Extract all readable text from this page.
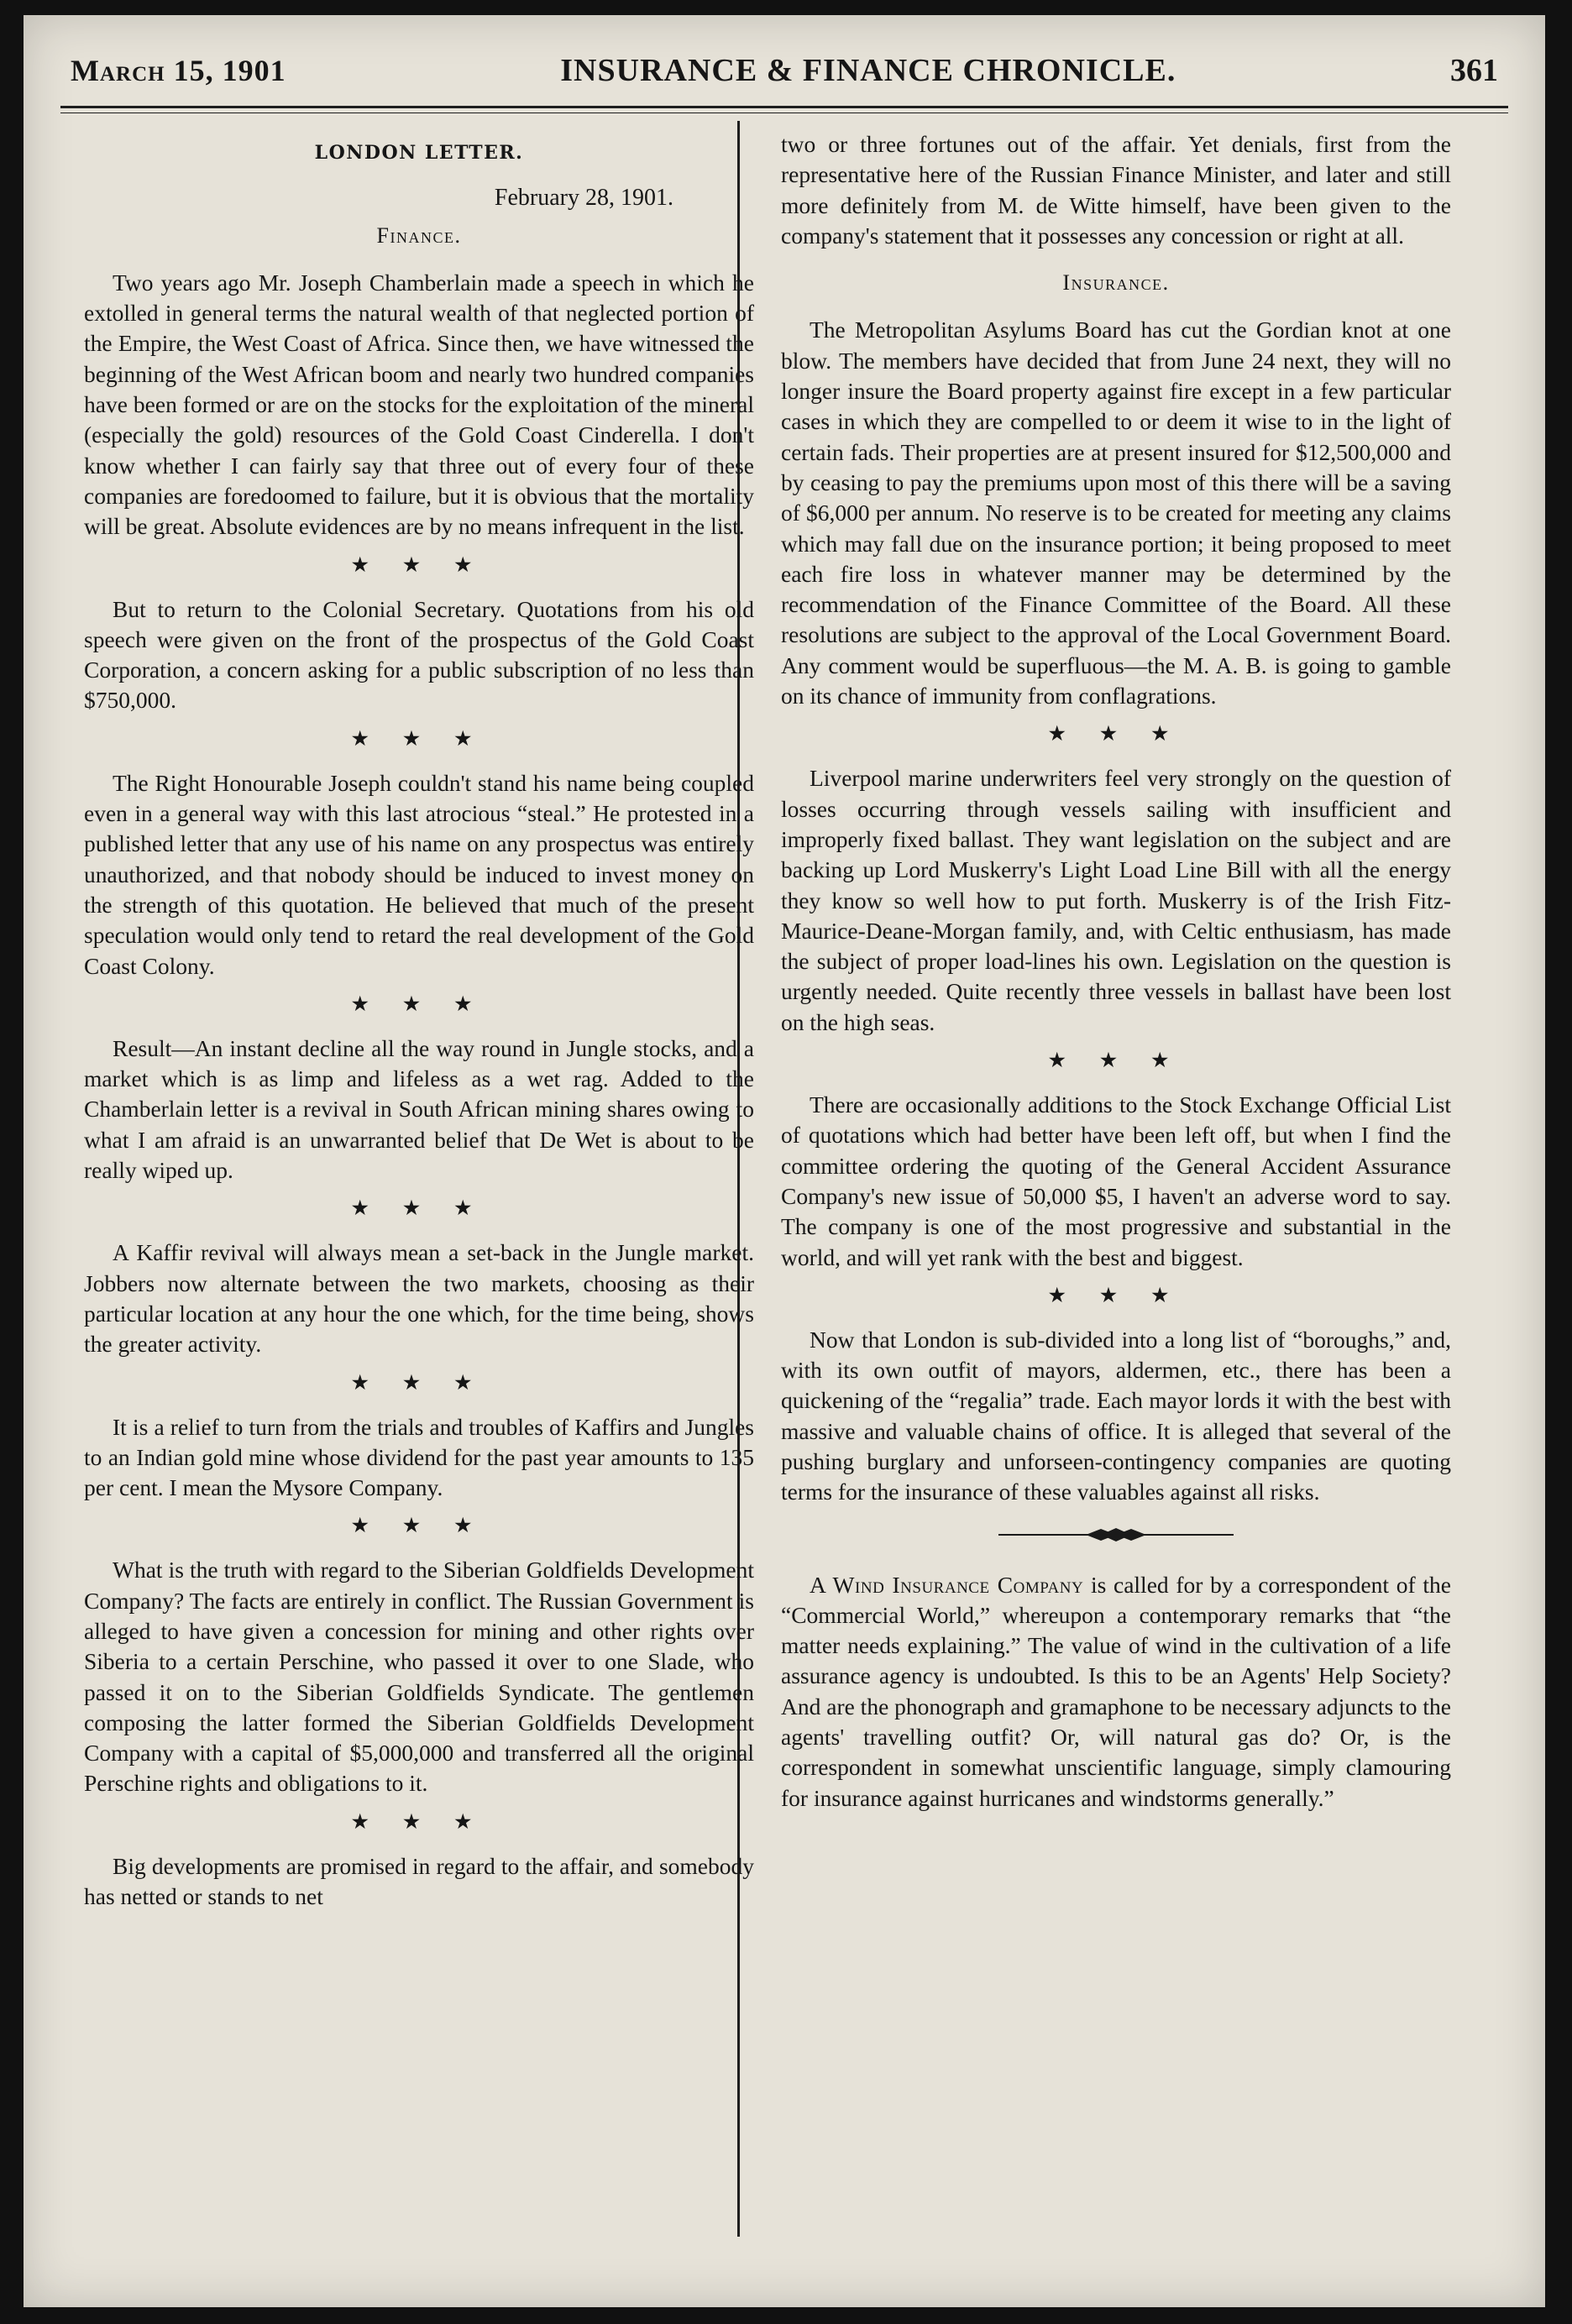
March 15, 1901	INSURANCE & FINANCE CHRONICLE.	361
LONDON LETTER.
February 28, 1901.
Finance.

Two years ago Mr. Joseph Chamberlain made a speech in which he extolled in general terms the natural wealth of that neglected portion of the Empire, the West Coast of Africa. Since then, we have witnessed the beginning of the West African boom and nearly two hundred companies have been formed or are on the stocks for the exploitation of the mineral (especially the gold) resources of the Gold Coast Cinderella. I don't know whether I can fairly say that three out of every four of these companies are foredoomed to failure, but it is obvious that the mortality will be great. Absolute evidences are by no means infrequent in the list.

★ ★ ★

But to return to the Colonial Secretary. Quotations from his old speech were given on the front of the prospectus of the Gold Coast Corporation, a concern asking for a public subscription of no less than $750,000.

★ ★ ★

The Right Honourable Joseph couldn't stand his name being coupled even in a general way with this last atrocious “steal.” He protested in a published letter that any use of his name on any prospectus was entirely unauthorized, and that nobody should be induced to invest money on the strength of this quotation. He believed that much of the present speculation would only tend to retard the real development of the Gold Coast Colony.

★ ★ ★

Result—An instant decline all the way round in Jungle stocks, and a market which is as limp and lifeless as a wet rag. Added to the Chamberlain letter is a revival in South African mining shares owing to what I am afraid is an unwarranted belief that De Wet is about to be really wiped up.

★ ★ ★

A Kaffir revival will always mean a set-back in the Jungle market. Jobbers now alternate between the two markets, choosing as their particular location at any hour the one which, for the time being, shows the greater activity.

★ ★ ★

It is a relief to turn from the trials and troubles of Kaffirs and Jungles to an Indian gold mine whose dividend for the past year amounts to 135 per cent. I mean the Mysore Company.

★ ★ ★

What is the truth with regard to the Siberian Goldfields Development Company? The facts are entirely in conflict. The Russian Government is alleged to have given a concession for mining and other rights over Siberia to a certain Perschine, who passed it over to one Slade, who passed it on to the Siberian Goldfields Syndicate. The gentlemen composing the latter formed the Siberian Goldfields Development Company with a capital of $5,000,000 and transferred all the original Perschine rights and obligations to it.

★ ★ ★

Big developments are promised in regard to the affair, and somebody has netted or stands to net

two or three fortunes out of the affair. Yet denials, first from the representative here of the Russian Finance Minister, and later and still more definitely from M. de Witte himself, have been given to the company's statement that it possesses any concession or right at all.

Insurance.

The Metropolitan Asylums Board has cut the Gordian knot at one blow. The members have decided that from June 24 next, they will no longer insure the Board property against fire except in a few particular cases in which they are compelled to or deem it wise to in the light of certain fads. Their properties are at present insured for $12,500,000 and by ceasing to pay the premiums upon most of this there will be a saving of $6,000 per annum. No reserve is to be created for meeting any claims which may fall due on the insurance portion; it being proposed to meet each fire loss in whatever manner may be determined by the recommendation of the Finance Committee of the Board. All these resolutions are subject to the approval of the Local Government Board. Any comment would be superfluous—the M. A. B. is going to gamble on its chance of immunity from conflagrations.

★ ★ ★

Liverpool marine underwriters feel very strongly on the question of losses occurring through vessels sailing with insufficient and improperly fixed ballast. They want legislation on the subject and are backing up Lord Muskerry's Light Load Line Bill with all the energy they know so well how to put forth. Muskerry is of the Irish Fitz-Maurice-Deane-Morgan family, and, with Celtic enthusiasm, has made the subject of proper load-lines his own. Legislation on the question is urgently needed. Quite recently three vessels in ballast have been lost on the high seas.

★ ★ ★

There are occasionally additions to the Stock Exchange Official List of quotations which had better have been left off, but when I find the committee ordering the quoting of the General Accident Assurance Company's new issue of 50,000 $5, I haven't an adverse word to say. The company is one of the most progressive and substantial in the world, and will yet rank with the best and biggest.

★ ★ ★

Now that London is sub-divided into a long list of “boroughs,” and, with its own outfit of mayors, aldermen, etc., there has been a quickening of the “regalia” trade. Each mayor lords it with the best with massive and valuable chains of office. It is alleged that several of the pushing burglary and unforseen-contingency companies are quoting terms for the insurance of these valuables against all risks.

A Wind Insurance Company is called for by a correspondent of the “Commercial World,” whereupon a contemporary remarks that “the matter needs explaining.” The value of wind in the cultivation of a life assurance agency is undoubted. Is this to be an Agents' Help Society? And are the phonograph and gramaphone to be necessary adjuncts to the agents' travelling outfit? Or, will natural gas do? Or, is the correspondent in somewhat unscientific language, simply clamouring for insurance against hurricanes and windstorms generally.”
